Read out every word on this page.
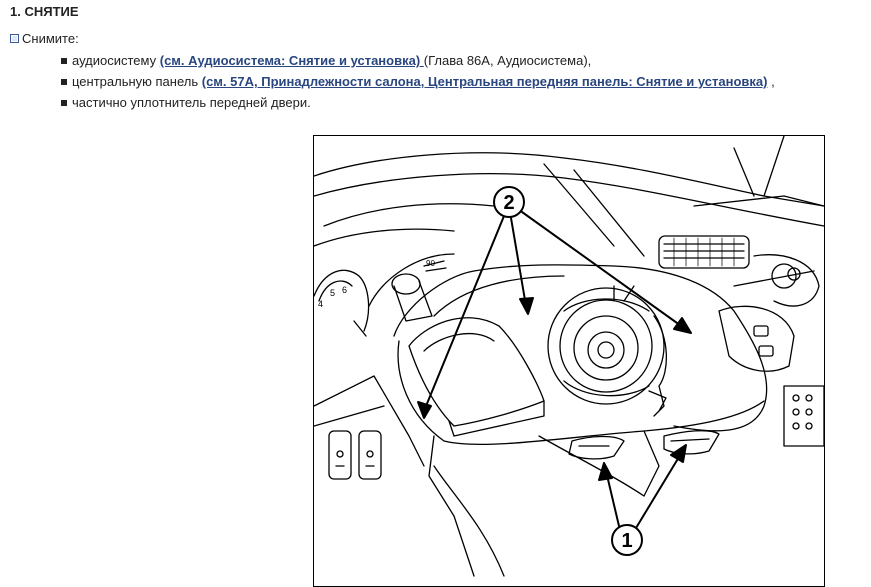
1. СНЯТИЕ
Снимите:
аудиосистему (см. Аудиосистема: Снятие и установка) (Глава 86А, Аудиосистема),
центральную панель (см. 57А, Принадлежности салона, Центральная передняя панель: Снятие и установка) ,
частично уплотнитель передней двери.
4
5 6
90
2
1
